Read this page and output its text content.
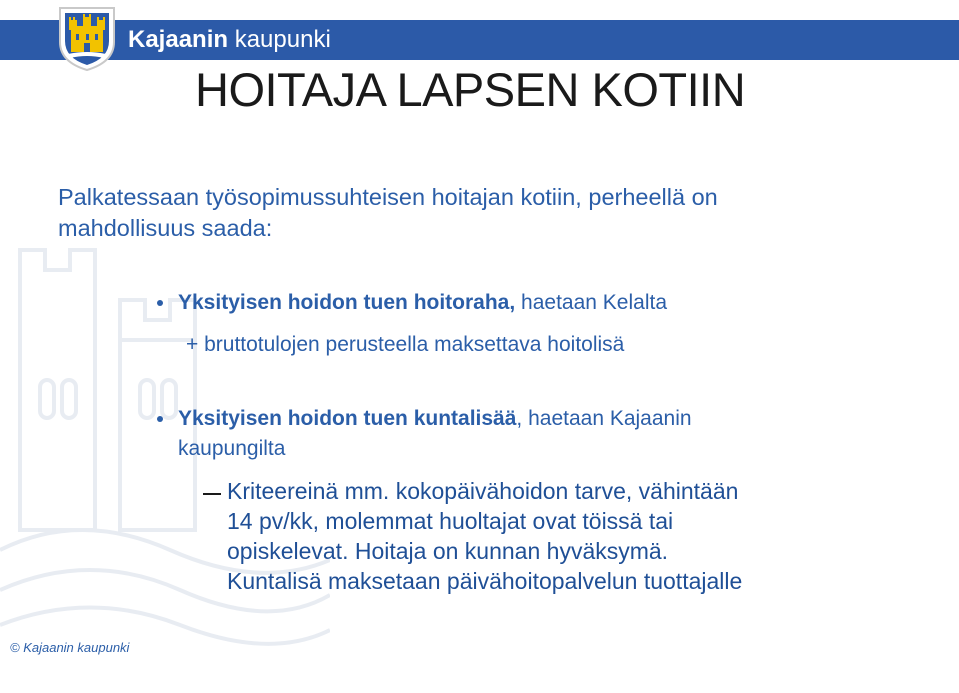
Kajaanin kaupunki
HOITAJA LAPSEN KOTIIN
Palkatessaan työsopimussuhteisen hoitajan kotiin, perheellä on
mahdollisuus saada:
Yksityisen hoidon tuen hoitoraha, haetaan Kelalta
+ bruttotulojen perusteella maksettava hoitolisä
Yksityisen hoidon tuen kuntalisää, haetaan Kajaanin
kaupungilta
Kriteereinä mm. kokopäivähoidon tarve, vähintään
14 pv/kk, molemmat huoltajat ovat töissä tai
opiskelevat. Hoitaja on kunnan hyväksymä.
Kuntalisä maksetaan päivähoitopalvelun tuottajalle
© Kajaanin kaupunki
